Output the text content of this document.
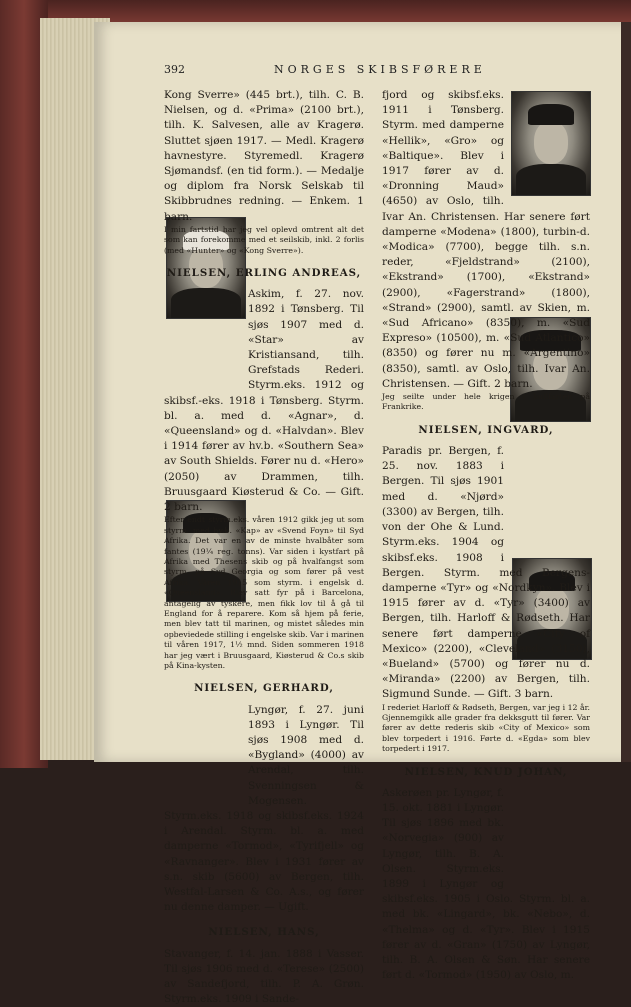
392	NORGES SKIBSFØRERE

Kong Sverre» (445 brt.), tilh. C. B. Nielsen, og d. «Prima» (2100 brt.), tilh. K. Salvesen, alle av Kragerø. Sluttet sjøen 1917. — Medl. Kragerø havnestyre. Styremedl. Kragerø Sjømandsf. (en tid form.). — Medalje og diplom fra Norsk Selskab til Skibbrudnes redning. — Enkem. 1 barn.

I min fartstid har jeg vel oplevd omtrent alt det som kan forekomme med et seilskib, inkl. 2 forlis (med «Hunter» og «Kong Sverre»).

NIELSEN, ERLING ANDREAS,

Askim, f. 27. nov. 1892 i Tønsberg. Til sjøs 1907 med d. «Star» av Kristiansand, tilh. Grefstads Rederi. Styrm.eks. 1912 og skibsf.-eks. 1918 i Tønsberg. Styrm. bl. a. med d. «Agnar», d. «Queensland» og d. «Halvdan». Blev i 1914 fører av hv.b. «Southern Sea» av South Shields. Fører nu d. «Hero» (2050) av Drammen, tilh. Bruusgaard Kiøsterud & Co. — Gift. 2 barn.

Efter endt styrm.eks. våren 1912 gikk jeg ut som styrm. med hv.b. «Kap» av «Svend Foyn» til Syd Afrika. Det var en av de minste hvalbåter som fantes (19¼ reg. tonns). Var siden i kystfart på Afrika med Thesens skib og på hvalfangst som styrm. på Syd Georgia og som fører på vest Afrika. Våren 1915 som styrm. i engelsk d. «Queensland». Blev satt fyr på i Barcelona, antagelig av tyskere, men fikk lov til å gå til England for å reparere. Kom så hjem på ferie, men blev tatt til marinen, og mistet således min opbeviedede stilling i engelske skib. Var i marinen til våren 1917, 1½ mnd. Siden sommeren 1918 har jeg vært i Bruusgaard, Kiøsterud & Co.s skib på Kina-kysten.

NIELSEN, GERHARD,

Lyngør, f. 27. juni 1893 i Lyngør. Til sjøs 1908 med d. «Bygland» (4000) av Arendal, tilh. Svenningsen & Mogensen. Styrm.eks. 1918 og skibsf.eks. 1924 i Arendal. Styrm. bl. a. med damperne «Tormod», «Tyrifjell» og «Ravnanger». Blev i 1931 fører av s.n. skib (5600) av Bergen, tilh. Westfal-Larsen & Co. A.s., og fører nu denne damper. — Ugift.

NIELSEN, HANS,

Stavanger, f. 14. jan. 1888 i Vasser. Til sjøs 1906 med d. «Terese» (2500) av Sandefjord, tilh. P. A. Grøn. Styrm.eks. 1909 i Sande-

fjord og skibsf.eks. 1911 i Tønsberg. Styrm. med damperne «Hellik», «Gro» og «Baltique». Blev i 1917 fører av d. «Dronning Maud» (4650) av Oslo, tilh. Ivar An. Christensen. Har senere ført damperne «Modena» (1800), turbin-d. «Modica» (7700), begge tilh. s.n. reder, «Fjeldstrand» (2100), «Ekstrand» (1700), «Ekstrand» (2900), «Fagerstrand» (1800), «Strand» (2900), samtl. av Skien, m. «Sud Africano» (8350), m. «Sud Expreso» (10500), m. «Sud Atlantico» (8350) og fører nu m. «Argentino» (8350), samtl. av Oslo, tilh. Ivar An. Christensen. — Gift. 2 barn.

Jeg seilte under hele krigen i kullfarten på Frankrike.

NIELSEN, INGVARD,

Paradis pr. Bergen, f. 25. nov. 1883 i Bergen. Til sjøs 1901 med d. «Njørd» (3300) av Bergen, tilh. von der Ohe & Lund. Styrm.eks. 1904 og skibsf.eks. 1908 i Bergen. Styrm. med Bergens-damperne «Tyr» og «Nordkyn». Blev i 1915 fører av d. «Tyr» (3400) av Bergen, tilh. Harloff & Rødseth. Har senere ført damperne «City of Mexico» (2200), «Cleveland» (3150), «Bueland» (5700) og fører nu d. «Miranda» (2200) av Bergen, tilh. Sigmund Sunde. — Gift. 3 barn.

I rederiet Harloff & Rødseth, Bergen, var jeg i 12 år. Gjennemgikk alle grader fra dekksgutt til fører. Var fører av dette rederis skib «City of Mexico» som blev torpedert i 1916. Førte d. «Egda» som blev torpedert i 1917.

NIELSEN, KNUD JOHAN,

Askerøen pr. Lyngør, f. 15. okt. 1881 i Lyngør. Til sjøs 1896 med bk. «Norvegia» (900) av Lyngør, tilh. B. A. Olsen. Styrm.eks. 1899 i Lyngør og skibsf.eks. 1905 i Oslo. Styrm. bl. a. med bk. «Lingard», bk. «Nebo», d. «Thelma» og d. «Tyr». Blev i 1915 fører av d. «Gran» (1750) av Lyngør, tilh. B. A. Olsen & Søn. Har senere ført d. «Tormod» (1950) av Oslo, m.
